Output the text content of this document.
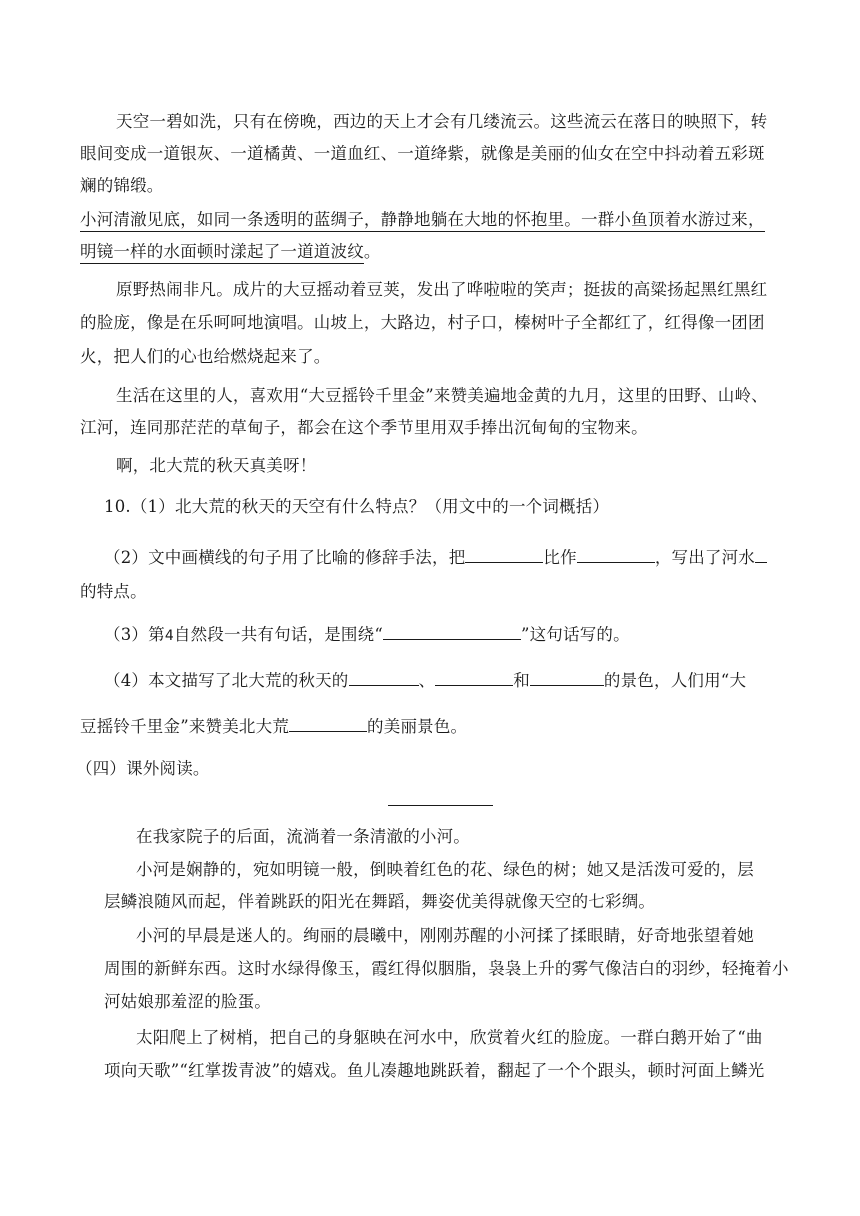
天空一碧如洗，只有在傍晚，西边的天上才会有几缕流云。这些流云在落日的映照下，转
眼间变成一道银灰、一道橘黄、一道血红、一道绛紫，就像是美丽的仙女在空中抖动着五彩斑
斓的锦缎。
小河清澈见底，如同一条透明的蓝绸子，静静地躺在大地的怀抱里。一群小鱼顶着水游过来，
明镜一样的水面顿时漾起了一道道波纹。
原野热闹非凡。成片的大豆摇动着豆荚，发出了哗啦啦的笑声；挺拔的高粱扬起黑红黑红
的脸庞，像是在乐呵呵地演唱。山坡上，大路边，村子口，榛树叶子全都红了，红得像一团团
火，把人们的心也给燃烧起来了。
生活在这里的人，喜欢用“大豆摇铃千里金”来赞美遍地金黄的九月，这里的田野、山岭、
江河，连同那茫茫的草甸子，都会在这个季节里用双手捧出沉甸甸的宝物来。
啊，北大荒的秋天真美呀！
10.（1）北大荒的秋天的天空有什么特点？（用文中的一个词概括）
（2）文中画横线的句子用了比喻的修辞手法，把	比作	，写出了河水
的特点。
（3）第4自然段一共有句话，是围绕“	”这句话写的。
（4）本文描写了北大荒的秋天的	、	和	的景色，人们用“大
豆摇铃千里金”来赞美北大荒	的美丽景色。
（四）课外阅读。
在我家院子的后面，流淌着一条清澈的小河。
小河是娴静的，宛如明镜一般，倒映着红色的花、绿色的树；她又是活泼可爱的，层
层鳞浪随风而起，伴着跳跃的阳光在舞蹈，舞姿优美得就像天空的七彩绸。
小河的早晨是迷人的。绚丽的晨曦中，刚刚苏醒的小河揉了揉眼睛，好奇地张望着她
周围的新鲜东西。这时水绿得像玉，霞红得似胭脂，袅袅上升的雾气像洁白的羽纱，轻掩着小
河姑娘那羞涩的脸蛋。
太阳爬上了树梢，把自己的身躯映在河水中，欣赏着火红的脸庞。一群白鹅开始了“曲
项向天歌”“红掌拨青波”的嬉戏。鱼儿凑趣地跳跃着，翻起了一个个跟头，顿时河面上鳞光
